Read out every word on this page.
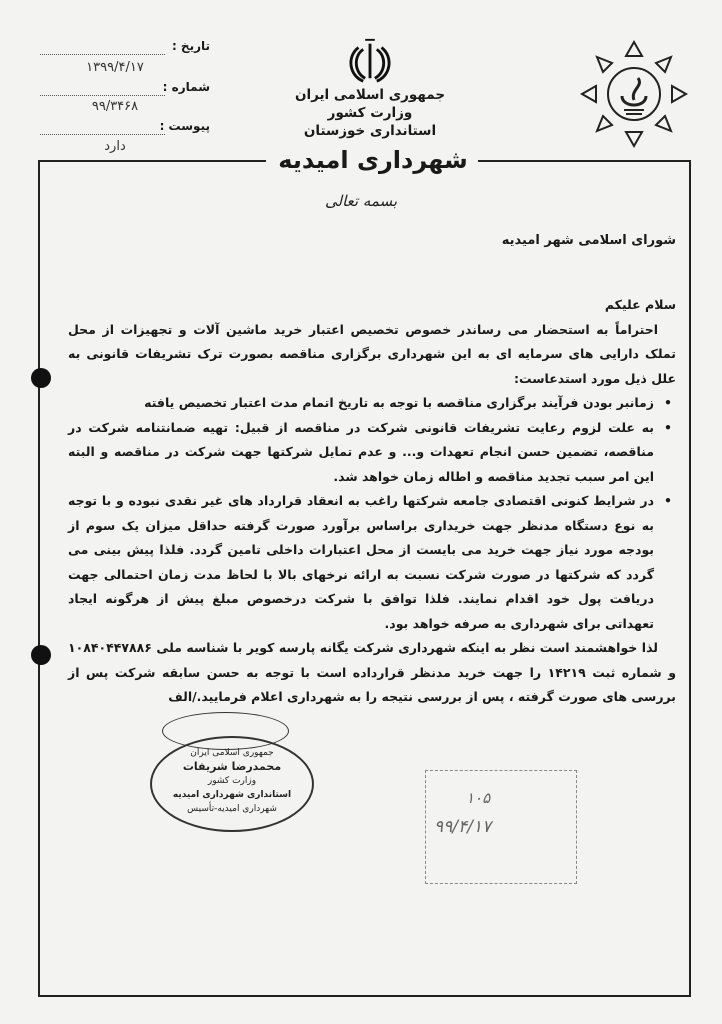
تاریخ :
۱۳۹۹/۴/۱۷
شماره :
۹۹/۳۴۶۸
پیوست :
دارد
جمهوری اسلامی ایران
وزارت کشور
استانداری خوزستان
شهرداری امیدیه
بسمه تعالی
شورای اسلامی شهر امیدیه

سلام علیکم

احتراماً به استحضار می رساندر خصوص تخصیص اعتبار خرید ماشین آلات و تجهیزات از محل تملک دارایی های سرمایه ای به این شهرداری برگزاری مناقصه بصورت ترک تشریفات قانونی به علل ذیل مورد استدعاست:

• زمانبر بودن فرآیند برگزاری مناقصه با توجه به تاریخ اتمام مدت اعتبار تخصیص یافته
• به علت لزوم رعایت تشریفات قانونی شرکت در مناقصه از قبیل: تهیه ضمانتنامه شرکت در مناقصه، تضمین حسن انجام تعهدات و... و عدم تمایل شرکتها جهت شرکت در مناقصه و البته این امر سبب تجدید مناقصه و اطاله زمان خواهد شد.
• در شرایط کنونی اقتصادی جامعه شرکتها راغب به انعقاد قرارداد های غیر نقدی نبوده و با توجه به نوع دستگاه مدنظر جهت خریداری براساس برآورد صورت گرفته حداقل میزان یک سوم از بودجه مورد نیاز جهت خرید می بایست از محل اعتبارات داخلی تامین گردد. فلذا پیش بینی می گردد که شرکتها در صورت شرکت نسبت به ارائه نرخهای بالا با لحاظ مدت زمان احتمالی جهت دریافت پول خود اقدام نمایند. فلذا توافق با شرکت درخصوص مبلغ پیش از هرگونه ایجاد تعهداتی برای شهرداری به صرفه خواهد بود.

لذا خواهشمند است نظر به اینکه شهرداری شرکت یگانه پارسه کویر با شناسه ملی ۱۰۸۴۰۴۴۷۸۸۶ و شماره ثبت ۱۴۲۱۹ را جهت خرید مدنظر قرارداده است با توجه به حسن سابقه شرکت پس از بررسی های صورت گرفته ، پس از بررسی نتیجه را به شهرداری اعلام فرمایید./الف

جمهوری اسلامی ایران
محمدرضا شریفات
وزارت کشور
استانداری شهرداری امیدیه
شهرداری امیدیه-تأسیس
۱۰۵
۹۹/۴/۱۷
